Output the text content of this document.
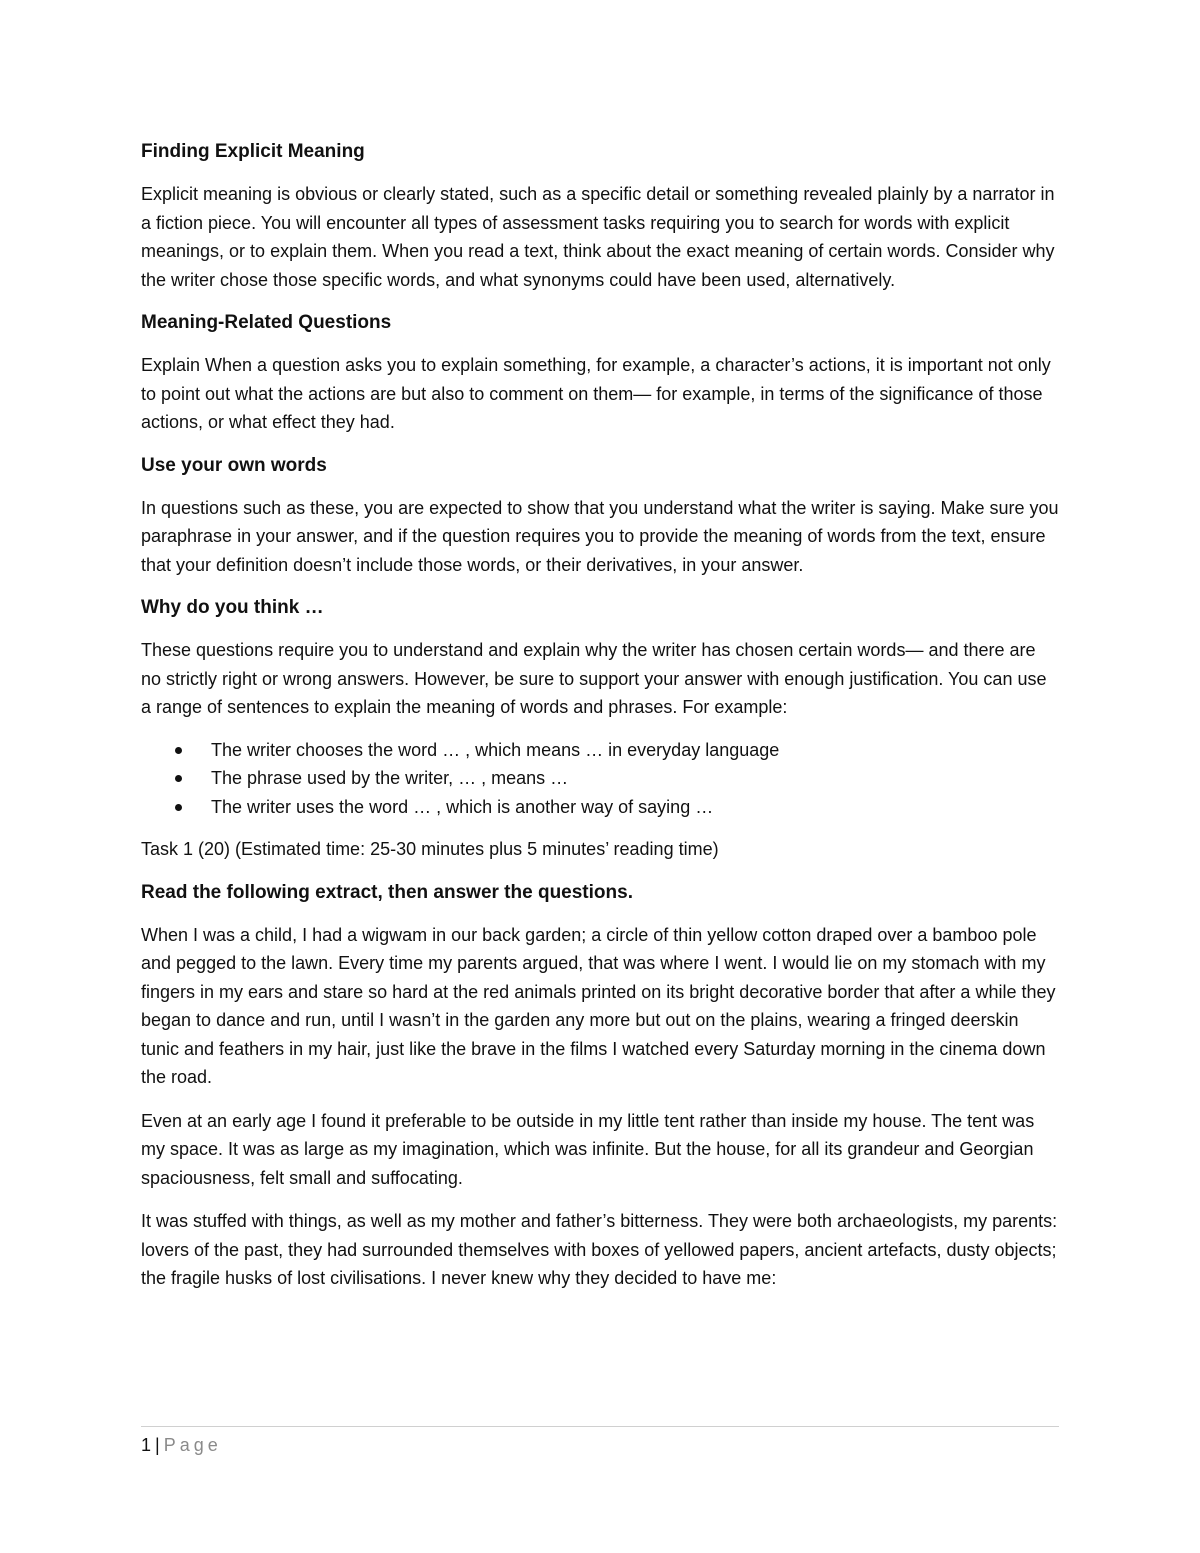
Finding Explicit Meaning

Explicit meaning is obvious or clearly stated, such as a specific detail or something revealed plainly by a narrator in a fiction piece. You will encounter all types of assessment tasks requiring you to search for words with explicit meanings, or to explain them. When you read a text, think about the exact meaning of certain words. Consider why the writer chose those specific words, and what synonyms could have been used, alternatively.

Meaning-Related Questions

Explain When a question asks you to explain something, for example, a character’s actions, it is important not only to point out what the actions are but also to comment on them— for example, in terms of the significance of those actions, or what effect they had.

Use your own words

In questions such as these, you are expected to show that you understand what the writer is saying. Make sure you paraphrase in your answer, and if the question requires you to provide the meaning of words from the text, ensure that your definition doesn’t include those words, or their derivatives, in your answer.

Why do you think …

These questions require you to understand and explain why the writer has chosen certain words— and there are no strictly right or wrong answers. However, be sure to support your answer with enough justification. You can use a range of sentences to explain the meaning of words and phrases. For example:

The writer chooses the word … , which means … in everyday language
The phrase used by the writer, … , means …
The writer uses the word … , which is another way of saying …

Task 1 (20) (Estimated time: 25-30 minutes plus 5 minutes’ reading time)

Read the following extract, then answer the questions.

When I was a child, I had a wigwam in our back garden; a circle of thin yellow cotton draped over a bamboo pole and pegged to the lawn. Every time my parents argued, that was where I went. I would lie on my stomach with my fingers in my ears and stare so hard at the red animals printed on its bright decorative border that after a while they began to dance and run, until I wasn’t in the garden any more but out on the plains, wearing a fringed deerskin tunic and feathers in my hair, just like the brave in the films I watched every Saturday morning in the cinema down the road.

Even at an early age I found it preferable to be outside in my little tent rather than inside my house. The tent was my space. It was as large as my imagination, which was infinite. But the house, for all its grandeur and Georgian spaciousness, felt small and suffocating.

It was stuffed with things, as well as my mother and father’s bitterness. They were both archaeologists, my parents: lovers of the past, they had surrounded themselves with boxes of yellowed papers, ancient artefacts, dusty objects; the fragile husks of lost civilisations. I never knew why they decided to have me:

1 | Page
